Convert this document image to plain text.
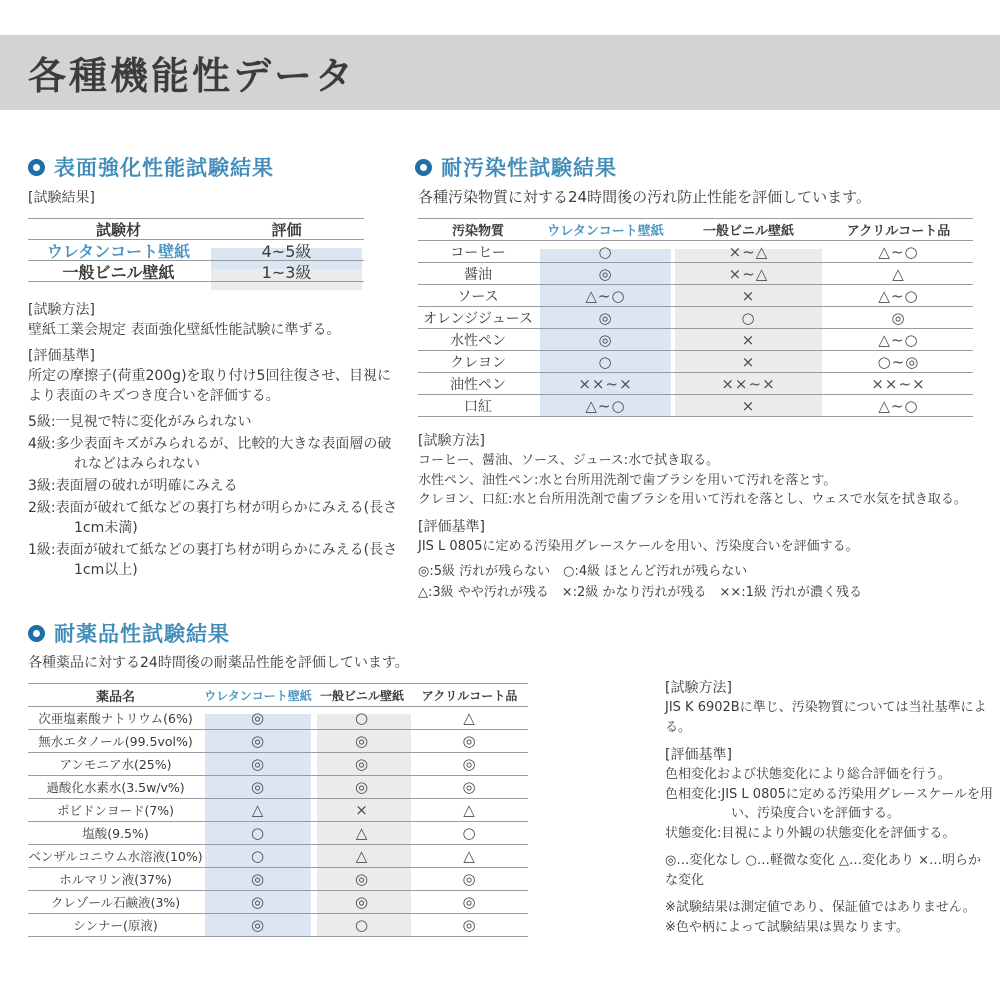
各種機能性データ
表面強化性能試験結果
[試験結果]
試験材	評価
ウレタンコート壁紙	4~5級
一般ビニル壁紙	1~3級
[試験方法]
壁紙工業会規定 表面強化壁紙性能試験に準ずる。
[評価基準]
所定の摩擦子(荷重200g)を取り付け5回往復させ、目視により表面のキズつき度合いを評価する。
5級:一見視で特に変化がみられない
4級:多少表面キズがみられるが、比較的大きな表面層の破れなどはみられない
3級:表面層の破れが明確にみえる
2級:表面が破れて紙などの裏打ち材が明らかにみえる(長さ1cm未満)
1級:表面が破れて紙などの裏打ち材が明らかにみえる(長さ1cm以上)
耐汚染性試験結果
各種汚染物質に対する24時間後の汚れ防止性能を評価しています。
汚染物質	ウレタンコート壁紙	一般ビニル壁紙	アクリルコート品
コーヒー	○	×~△	△~○
醤油	◎	×~△	△
ソース	△~○	×	△~○
オレンジジュース	◎	○	◎
水性ペン	◎	×	△~○
クレヨン	○	×	○~◎
油性ペン	××~×	××~×	××~×
口紅	△~○	×	△~○
[試験方法]
コーヒー、醤油、ソース、ジュース:水で拭き取る。
水性ペン、油性ペン:水と台所用洗剤で歯ブラシを用いて汚れを落とす。
クレヨン、口紅:水と台所用洗剤で歯ブラシを用いて汚れを落とし、ウェスで水気を拭き取る。
[評価基準]
JIS L 0805に定める汚染用グレースケールを用い、汚染度合いを評価する。
◎:5級 汚れが残らない　○:4級 ほとんど汚れが残らない
△:3級 やや汚れが残る　×:2級 かなり汚れが残る　××:1級 汚れが濃く残る
耐薬品性試験結果
各種薬品に対する24時間後の耐薬品性能を評価しています。
薬品名	ウレタンコート壁紙 一般ビニル壁紙	アクリルコート品
次亜塩素酸ナトリウム(6%)	◎	○	△
無水エタノール(99.5vol%)	◎	◎	◎
アンモニア水(25%)	◎	◎	◎
過酸化水素水(3.5w/v%)	◎	◎	◎
ポビドンヨード(7%)	△	×	△
塩酸(9.5%)	○	△	○
ベンザルコニウム水溶液(10%)	○	△	△
ホルマリン液(37%)	◎	◎	◎
クレゾール石鹸液(3%)	◎	◎	◎
シンナー(原液)	◎	○	◎
[試験方法]
JIS K 6902Bに準じ、汚染物質については当社基準による。
[評価基準]
色相変化および状態変化により総合評価を行う。
色相変化:JIS L 0805に定める汚染用グレースケールを用い、汚染度合いを評価する。
状態変化:目視により外観の状態変化を評価する。
◎…変化なし ○…軽微な変化 △…変化あり ×…明らかな変化
※試験結果は測定値であり、保証値ではありません。
※色や柄によって試験結果は異なります。
